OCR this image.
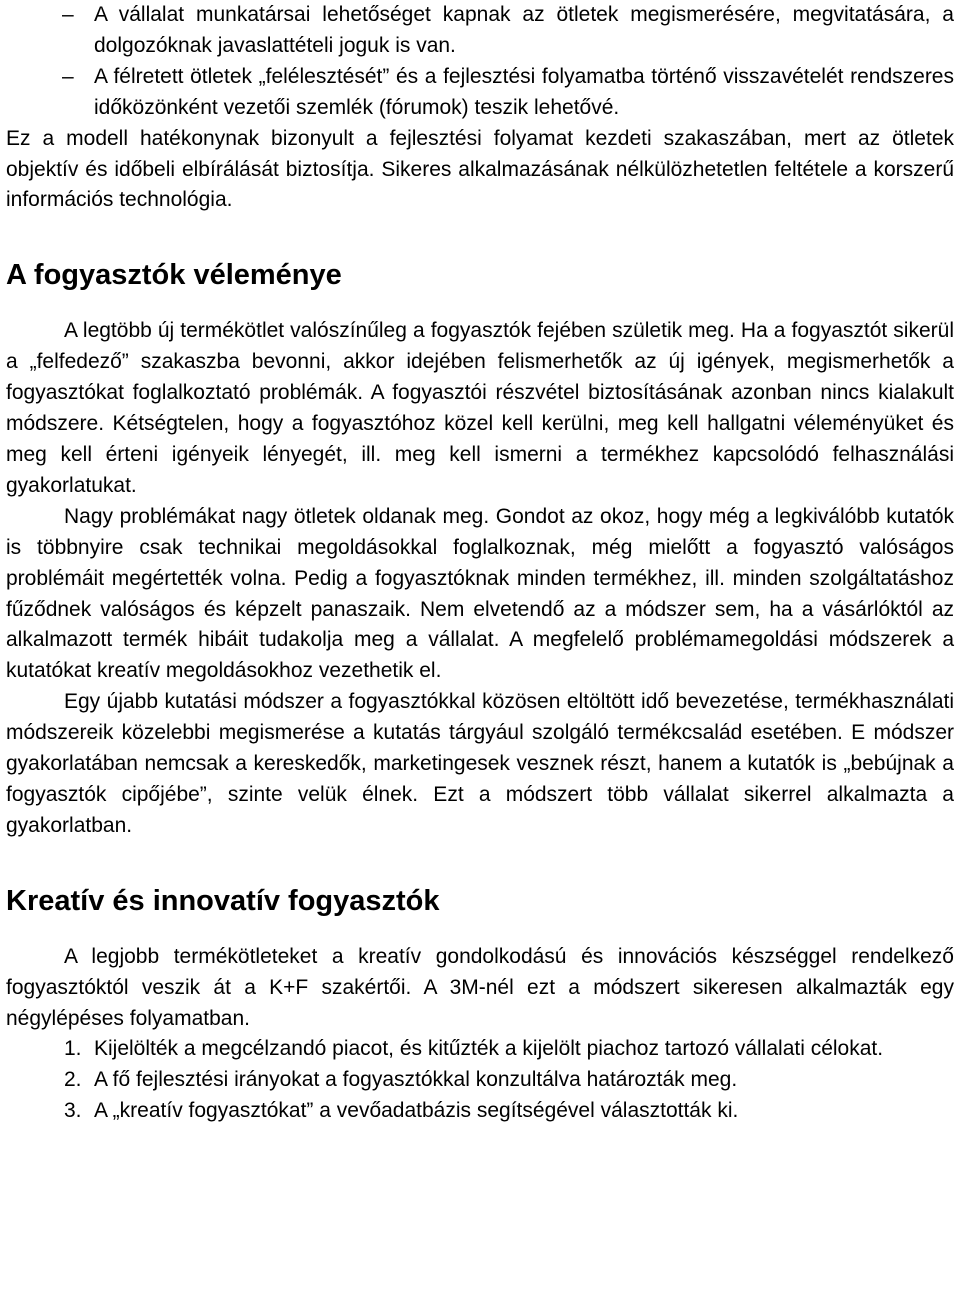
– A vállalat munkatársai lehetőséget kapnak az ötletek megismerésére, megvitatására, a dolgozóknak javaslattételi joguk is van.
– A félretett ötletek „felélesztését” és a fejlesztési folyamatba történő visszavételét rendszeres időközönként vezetői szemlék (fórumok) teszik lehetővé.

Ez a modell hatékonynak bizonyult a fejlesztési folyamat kezdeti szakaszában, mert az ötletek objektív és időbeli elbírálását biztosítja. Sikeres alkalmazásának nélkülözhetetlen feltétele a korszerű információs technológia.

A fogyasztók véleménye

A legtöbb új termékötlet valószínűleg a fogyasztók fejében születik meg. Ha a fogyasztót sikerül a „felfedező” szakaszba bevonni, akkor idejében felismerhetők az új igények, megismerhetők a fogyasztókat foglalkoztató problémák. A fogyasztói részvétel biztosításának azonban nincs kialakult módszere. Kétségtelen, hogy a fogyasztóhoz közel kell kerülni, meg kell hallgatni véleményüket és meg kell érteni igényeik lényegét, ill. meg kell ismerni a termékhez kapcsolódó felhasználási gyakorlatukat.

Nagy problémákat nagy ötletek oldanak meg. Gondot az okoz, hogy még a legkiválóbb kutatók is többnyire csak technikai megoldásokkal foglalkoznak, még mielőtt a fogyasztó valóságos problémáit megértették volna. Pedig a fogyasztóknak minden termékhez, ill. minden szolgáltatáshoz fűződnek valóságos és képzelt panaszaik. Nem elvetendő az a módszer sem, ha a vásárlóktól az alkalmazott termék hibáit tudakolja meg a vállalat. A megfelelő problémamegoldási módszerek a kutatókat kreatív megoldásokhoz vezethetik el.

Egy újabb kutatási módszer a fogyasztókkal közösen eltöltött idő bevezetése, termékhasználati módszereik közelebbi megismerése a kutatás tárgyául szolgáló termékcsalád esetében. E módszer gyakorlatában nemcsak a kereskedők, marketingesek vesznek részt, hanem a kutatók is „bebújnak a fogyasztók cipőjébe”, szinte velük élnek. Ezt a módszert több vállalat sikerrel alkalmazta a gyakorlatban.

Kreatív és innovatív fogyasztók

A legjobb termékötleteket a kreatív gondolkodású és innovációs készséggel rendelkező fogyasztóktól veszik át a K+F szakértői. A 3M-nél ezt a módszert sikeresen alkalmazták egy négylépéses folyamatban.

1. Kijelölték a megcélzandó piacot, és kitűzték a kijelölt piachoz tartozó vállalati célokat.
2. A fő fejlesztési irányokat a fogyasztókkal konzultálva határozták meg.
3. A „kreatív fogyasztókat” a vevőadatbázis segítségével választották ki.
